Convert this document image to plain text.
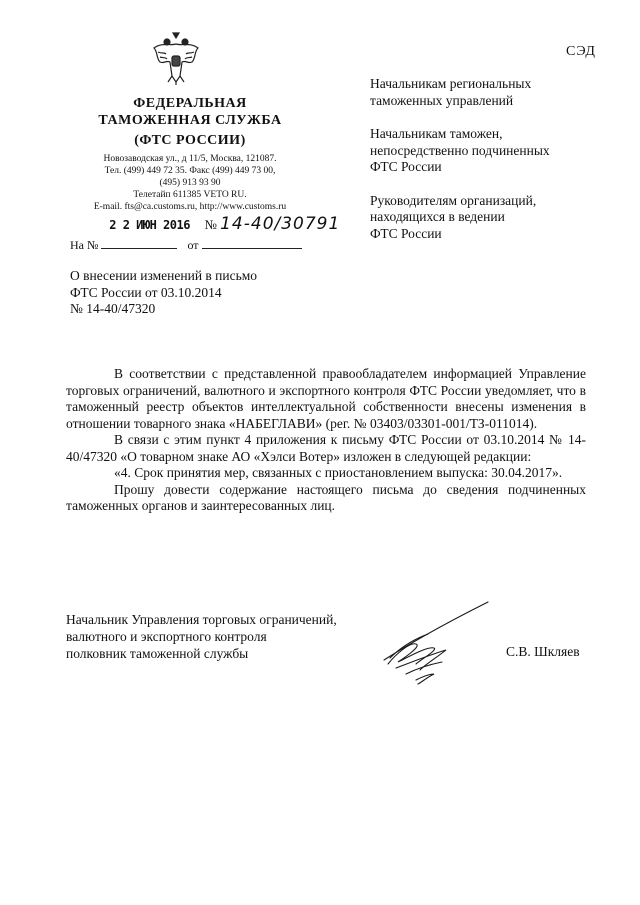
ФЕДЕРАЛЬНАЯ
ТАМОЖЕННАЯ СЛУЖБА
(ФТС РОССИИ)
Новозаводская ул., д 11/5, Москва, 121087.
Тел. (499) 449 72 35. Факс (499) 449 73 00,
(495) 913 93 90
Телетайп 611385 VETO RU.
E-mail. fts@ca.customs.ru, http://www.customs.ru
СЭД
Начальникам региональных
таможенных управлений
Начальникам таможен,
непосредственно подчиненных
ФТС России
Руководителям организаций,
находящихся в ведении
ФТС России
2 2 ИЮН 2016 № 14-40/30791
На №	от
О внесении изменений в письмо
ФТС России от 03.10.2014
№ 14-40/47320

В соответствии с представленной правообладателем информацией Управление торговых ограничений, валютного и экспортного контроля ФТС России уведомляет, что в таможенный реестр объектов интеллектуальной собственности внесены изменения в отношении товарного знака «НАБЕГЛАВИ» (рег. № 03403/03301-001/ТЗ-011014).

В связи с этим пункт 4 приложения к письму ФТС России от 03.10.2014 № 14-40/47320 «О товарном знаке АО «Хэлси Вотер» изложен в следующей редакции:

«4. Срок принятия мер, связанных с приостановлением выпуска: 30.04.2017».

Прошу довести содержание настоящего письма до сведения подчиненных таможенных органов и заинтересованных лиц.

Начальник Управления торговых ограничений,
валютного и экспортного контроля
полковник таможенной службы	С.В. Шкляев
